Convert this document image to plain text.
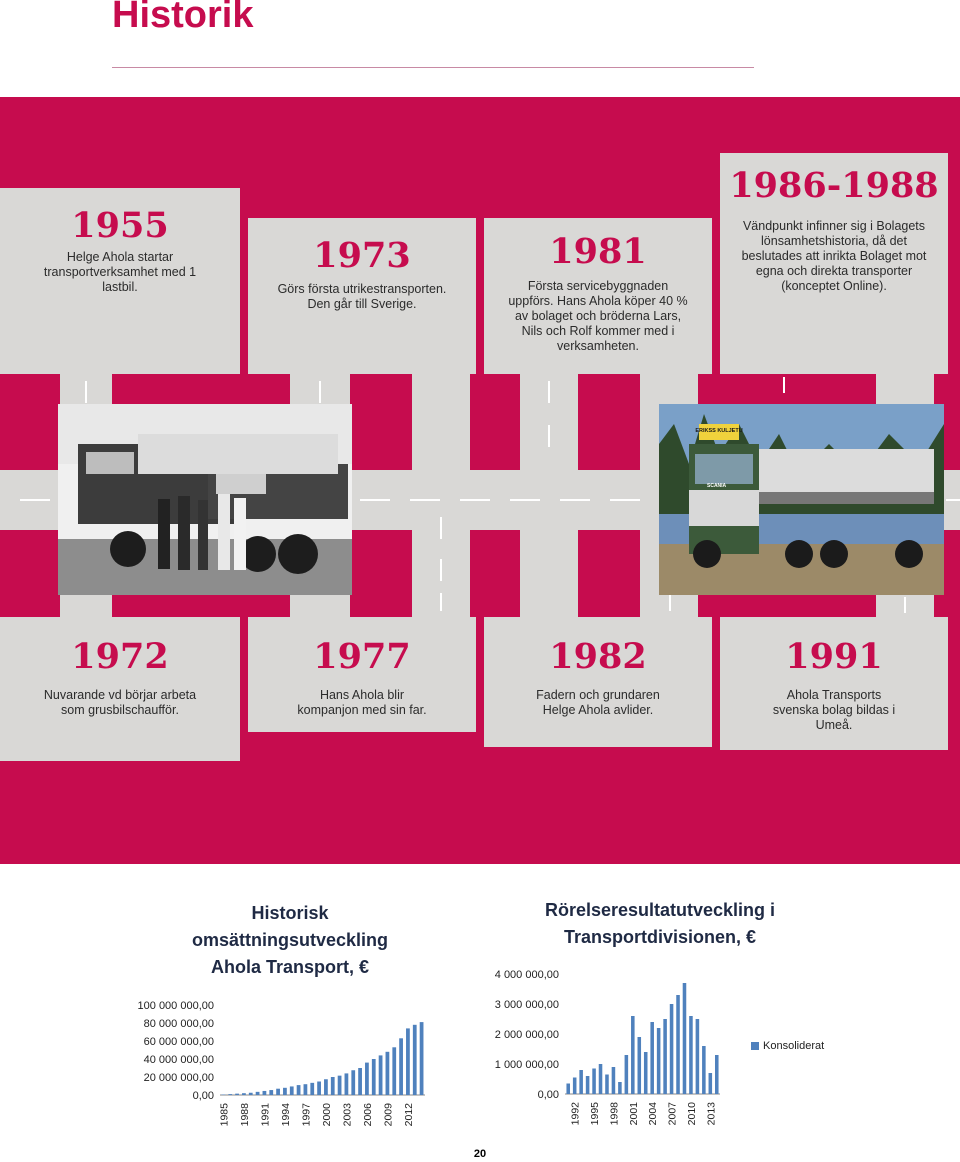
Historik
ERIKSS KULJETU
SCANIA
1955
Helge Ahola startar transportverksamhet med 1 lastbil.
1973
Görs första utrikestransporten. Den går till Sverige.
1981
Första servicebyggnaden uppförs. Hans Ahola köper 40 % av bolaget och bröderna Lars, Nils och Rolf kommer med i verksamheten.
1986-1988
Vändpunkt infinner sig i Bolagets lönsamhetshistoria, då det beslutades att inrikta Bolaget mot egna och direkta transporter (konceptet Online).
1972
Nuvarande vd börjar arbeta som grusbilschaufför.
1977
Hans Ahola blir kompanjon med sin far.
1982
Fadern och grundaren Helge Ahola avlider.
1991
Ahola Transports svenska bolag bildas i Umeå.
Historisk
omsättningsutveckling
Ahola Transport, €
100 000 000,00
80 000 000,00
60 000 000,00
40 000 000,00
20 000 000,00
0,00
1985 1988 1991 1994 1997 2000 2003 2006 2009 2012
Rörelseresultatutveckling i
Transportdivisionen, €
4 000 000,00
3 000 000,00
2 000 000,00
1 000 000,00
0,00
1992 1995 1998 2001 2004 2007 2010 2013
Konsoliderat
20
